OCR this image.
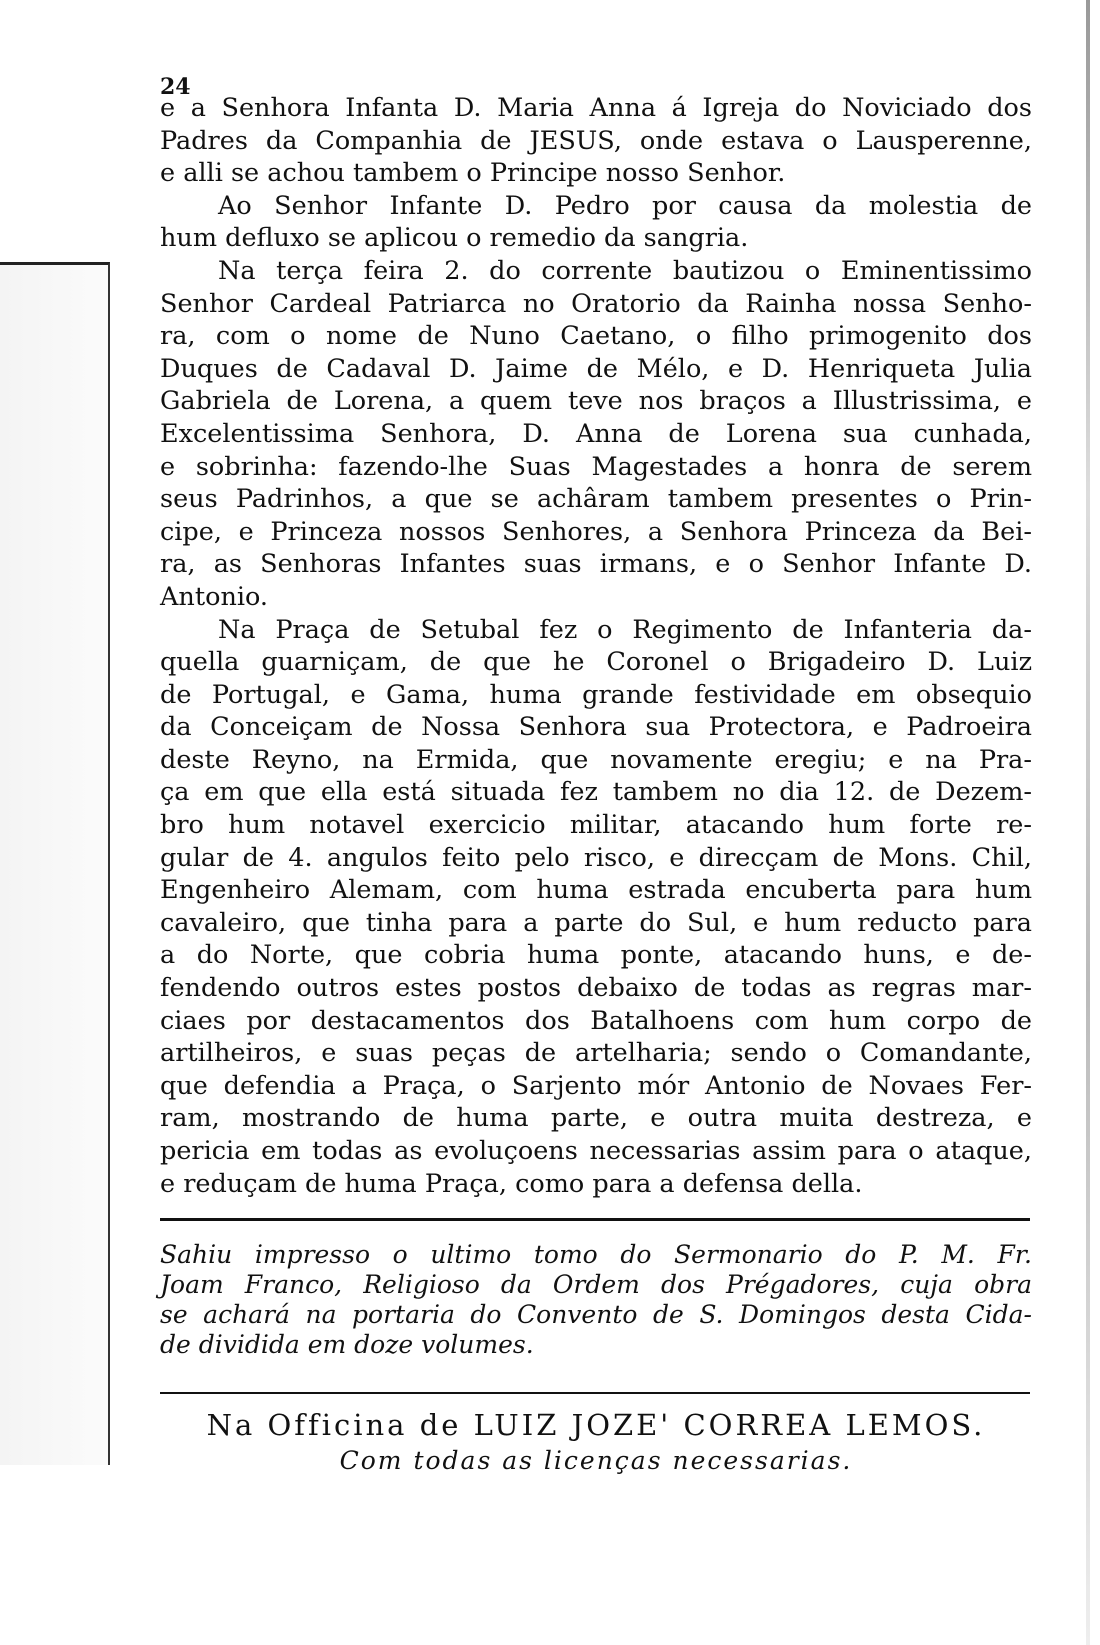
24
e a Senhora Infanta D. Maria Anna á Igreja do Noviciado dos
Padres da Companhia de JESUS, onde estava o Lausperenne,
e alli se achou tambem o Principe nosso Senhor.
Ao Senhor Infante D. Pedro por causa da molestia de
hum defluxo se aplicou o remedio da sangria.
Na terça feira 2. do corrente bautizou o Eminentissimo
Senhor Cardeal Patriarca no Oratorio da Rainha nossa Senho-
ra, com o nome de Nuno Caetano, o filho primogenito dos
Duques de Cadaval D. Jaime de Mélo, e D. Henriqueta Julia
Gabriela de Lorena, a quem teve nos braços a Illustrissima, e
Excelentissima Senhora, D. Anna de Lorena sua cunhada,
e sobrinha: fazendo-lhe Suas Magestades a honra de serem
seus Padrinhos, a que se achâram tambem presentes o Prin-
cipe, e Princeza nossos Senhores, a Senhora Princeza da Bei-
ra, as Senhoras Infantes suas irmans, e o Senhor Infante D.
Antonio.
Na Praça de Setubal fez o Regimento de Infanteria da-
quella guarniçam, de que he Coronel o Brigadeiro D. Luiz
de Portugal, e Gama, huma grande festividade em obsequio
da Conceiçam de Nossa Senhora sua Protectora, e Padroeira
deste Reyno, na Ermida, que novamente eregiu; e na Pra-
ça em que ella está situada fez tambem no dia 12. de Dezem-
bro hum notavel exercicio militar, atacando hum forte re-
gular de 4. angulos feito pelo risco, e direcçam de Mons. Chil,
Engenheiro Alemam, com huma estrada encuberta para hum
cavaleiro, que tinha para a parte do Sul, e hum reducto para
a do Norte, que cobria huma ponte, atacando huns, e de-
fendendo outros estes postos debaixo de todas as regras mar-
ciaes por destacamentos dos Batalhoens com hum corpo de
artilheiros, e suas peças de artelharia; sendo o Comandante,
que defendia a Praça, o Sarjento mór Antonio de Novaes Fer-
ram, mostrando de huma parte, e outra muita destreza, e
pericia em todas as evoluçoens necessarias assim para o ataque,
e reduçam de huma Praça, como para a defensa della.
Sahiu impresso o ultimo tomo do Sermonario do P. M. Fr.
Joam Franco, Religioso da Ordem dos Prégadores, cuja obra
se achará na portaria do Convento de S. Domingos desta Cida-
de dividida em doze volumes.
Na Officina de LUIZ JOZE' CORREA LEMOS.
Com todas as licenças necessarias.
